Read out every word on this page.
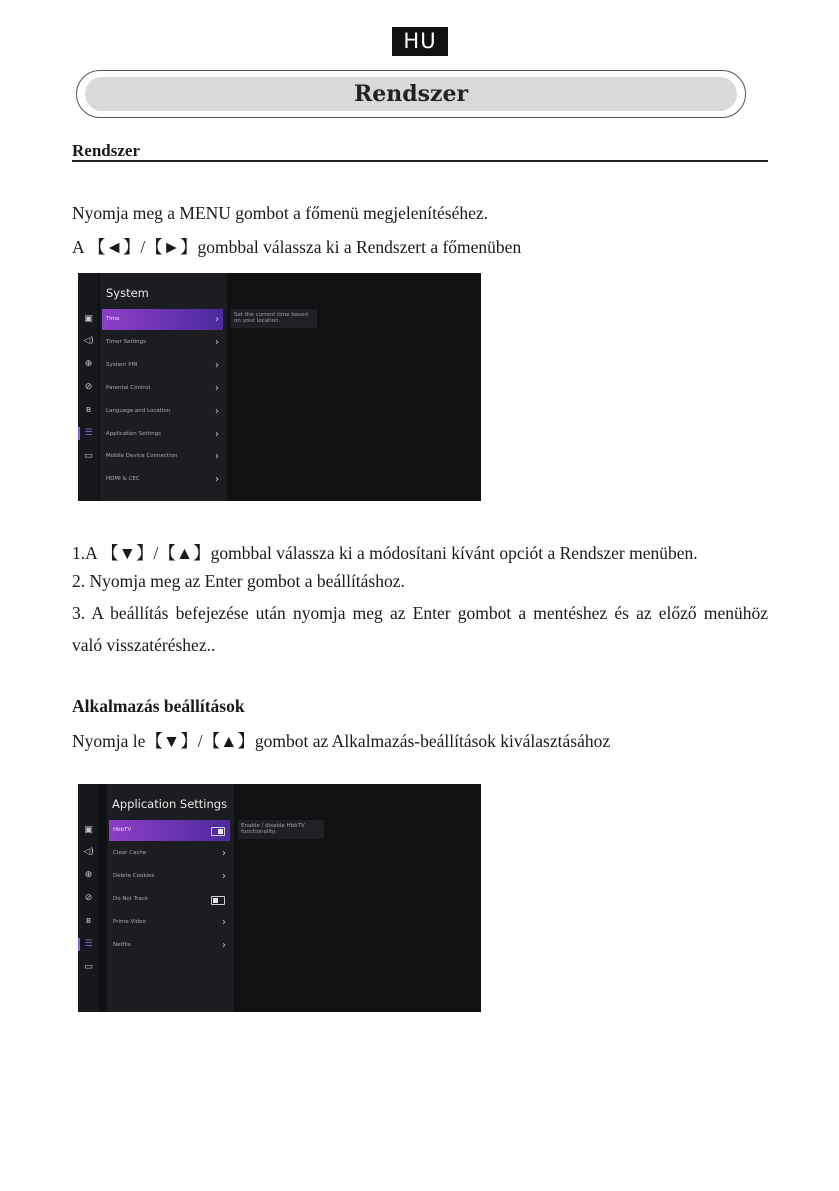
HU
Rendszer
Rendszer
Nyomja meg a MENU gombot a főmenü megjelenítéséhez.
A 【◄】/【►】gombbal válassza ki a Rendszert a főmenüben
▣
◁)
⊕
⊘
ʙ
☰
▭
System
Time	›
Timer Settings	›
System PIN	›
Parental Control	›
Language and Location	›
Application Settings	›
Mobile Device Connection	›
HDMI & CEC	›
Set the current time based on your location.
1.A 【▼】/【▲】gombbal válassza ki a módosítani kívánt opciót a Rendszer menüben.
2. Nyomja meg az Enter gombot a beállításhoz.
3. A beállítás befejezése után nyomja meg az Enter gombot a mentéshez és az előző menühöz
való visszatéréshez..
Alkalmazás beállítások
Nyomja le【▼】/【▲】gombot az Alkalmazás-beállítások kiválasztásához
▣
◁)
⊕
⊘
ʙ
☰
▭
Application Settings
HbbTV
Clear Cache	›
Delete Cookies	›
Do Not Track
Prime Video	›
Netflix	›
Enable / disable HbbTV functionality.
